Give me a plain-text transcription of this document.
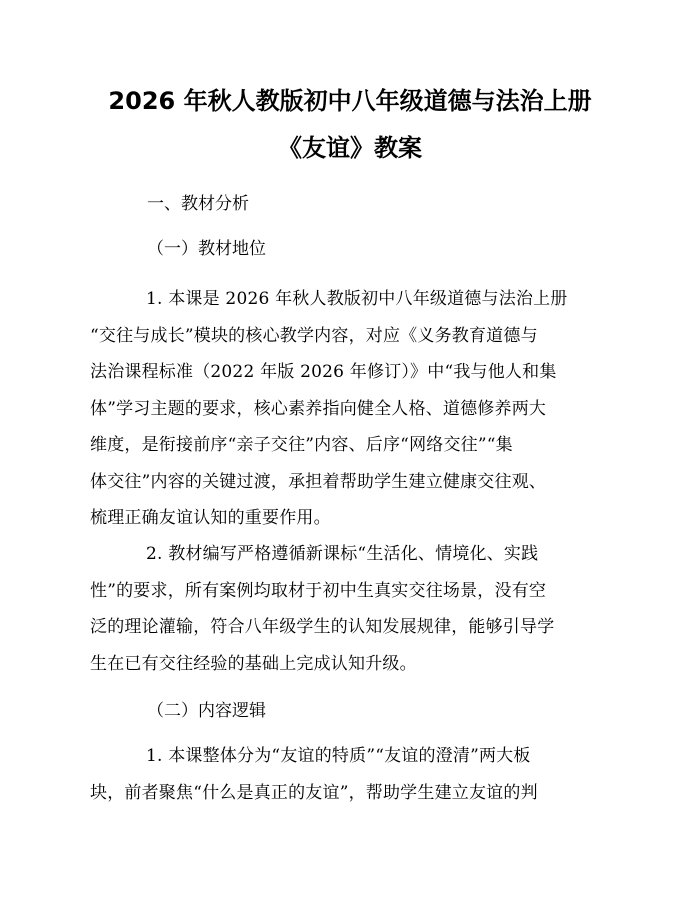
2026 年秋人教版初中八年级道德与法治上册
《友谊》教案
一、教材分析
（一）教材地位
1. 本课是 2026 年秋人教版初中八年级道德与法治上册
“交往与成长”模块的核心教学内容，对应《义务教育道德与
法治课程标准（2022 年版 2026 年修订）》中“我与他人和集
体”学习主题的要求，核心素养指向健全人格、道德修养两大
维度，是衔接前序“亲子交往”内容、后序“网络交往”“集
体交往”内容的关键过渡，承担着帮助学生建立健康交往观、
梳理正确友谊认知的重要作用。
2. 教材编写严格遵循新课标“生活化、情境化、实践
性”的要求，所有案例均取材于初中生真实交往场景，没有空
泛的理论灌输，符合八年级学生的认知发展规律，能够引导学
生在已有交往经验的基础上完成认知升级。
（二）内容逻辑
1. 本课整体分为“友谊的特质”“友谊的澄清”两大板
块，前者聚焦“什么是真正的友谊”，帮助学生建立友谊的判
